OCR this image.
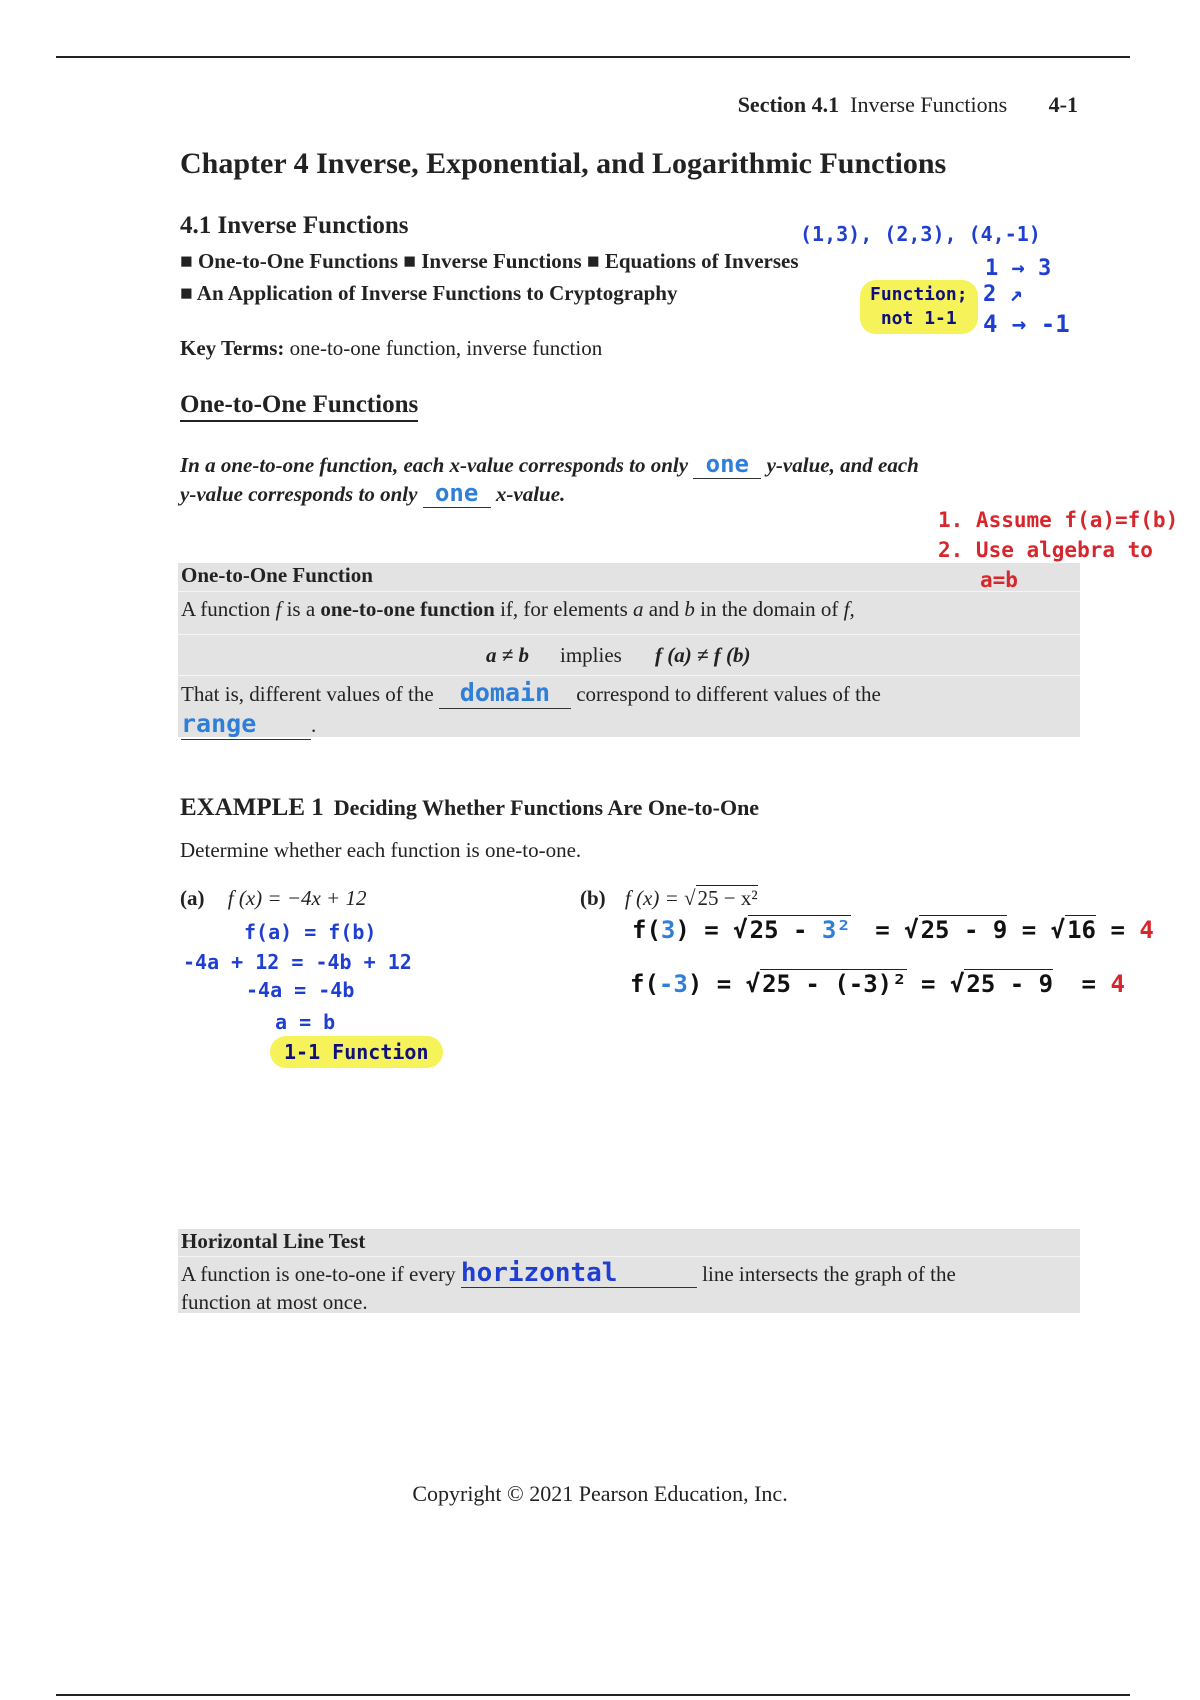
Section 4.1 Inverse Functions 4-1
Chapter 4 Inverse, Exponential, and Logarithmic Functions
4.1 Inverse Functions
■ One-to-One Functions ■ Inverse Functions ■ Equations of Inverses
■ An Application of Inverse Functions to Cryptography
(1,3), (2,3), (4,-1)
1 → 3
2 ↗
4 → -1
Function;
not 1-1
Key Terms: one-to-one function, inverse function
One-to-One Functions
In a one-to-one function, each x-value corresponds to only one y-value, and each
y-value corresponds to only one x-value.
1. Assume f(a)=f(b)
2. Use algebra to
One-to-One Function
A function f is a one-to-one function if, for elements a and b in the domain of f,
a ≠ b implies f (a) ≠ f (b)
That is, different values of the domain correspond to different values of the
range	.
a=b
EXAMPLE 1 Deciding Whether Functions Are One-to-One
Determine whether each function is one-to-one.
(a) f (x) = −4x + 12
f(a) = f(b)
-4a + 12 = -4b + 12
-4a = -4b
a = b
1-1 Function
(b) f (x) = √25 − x²
f(3) = √25 - 3² = √25 - 9 = √16 = 4
f(-3) = √25 - (-3)² = √25 - 9 = 4
Horizontal Line Test
A function is one-to-one if every horizontal	line intersects the graph of the
function at most once.
Copyright © 2021 Pearson Education, Inc.
